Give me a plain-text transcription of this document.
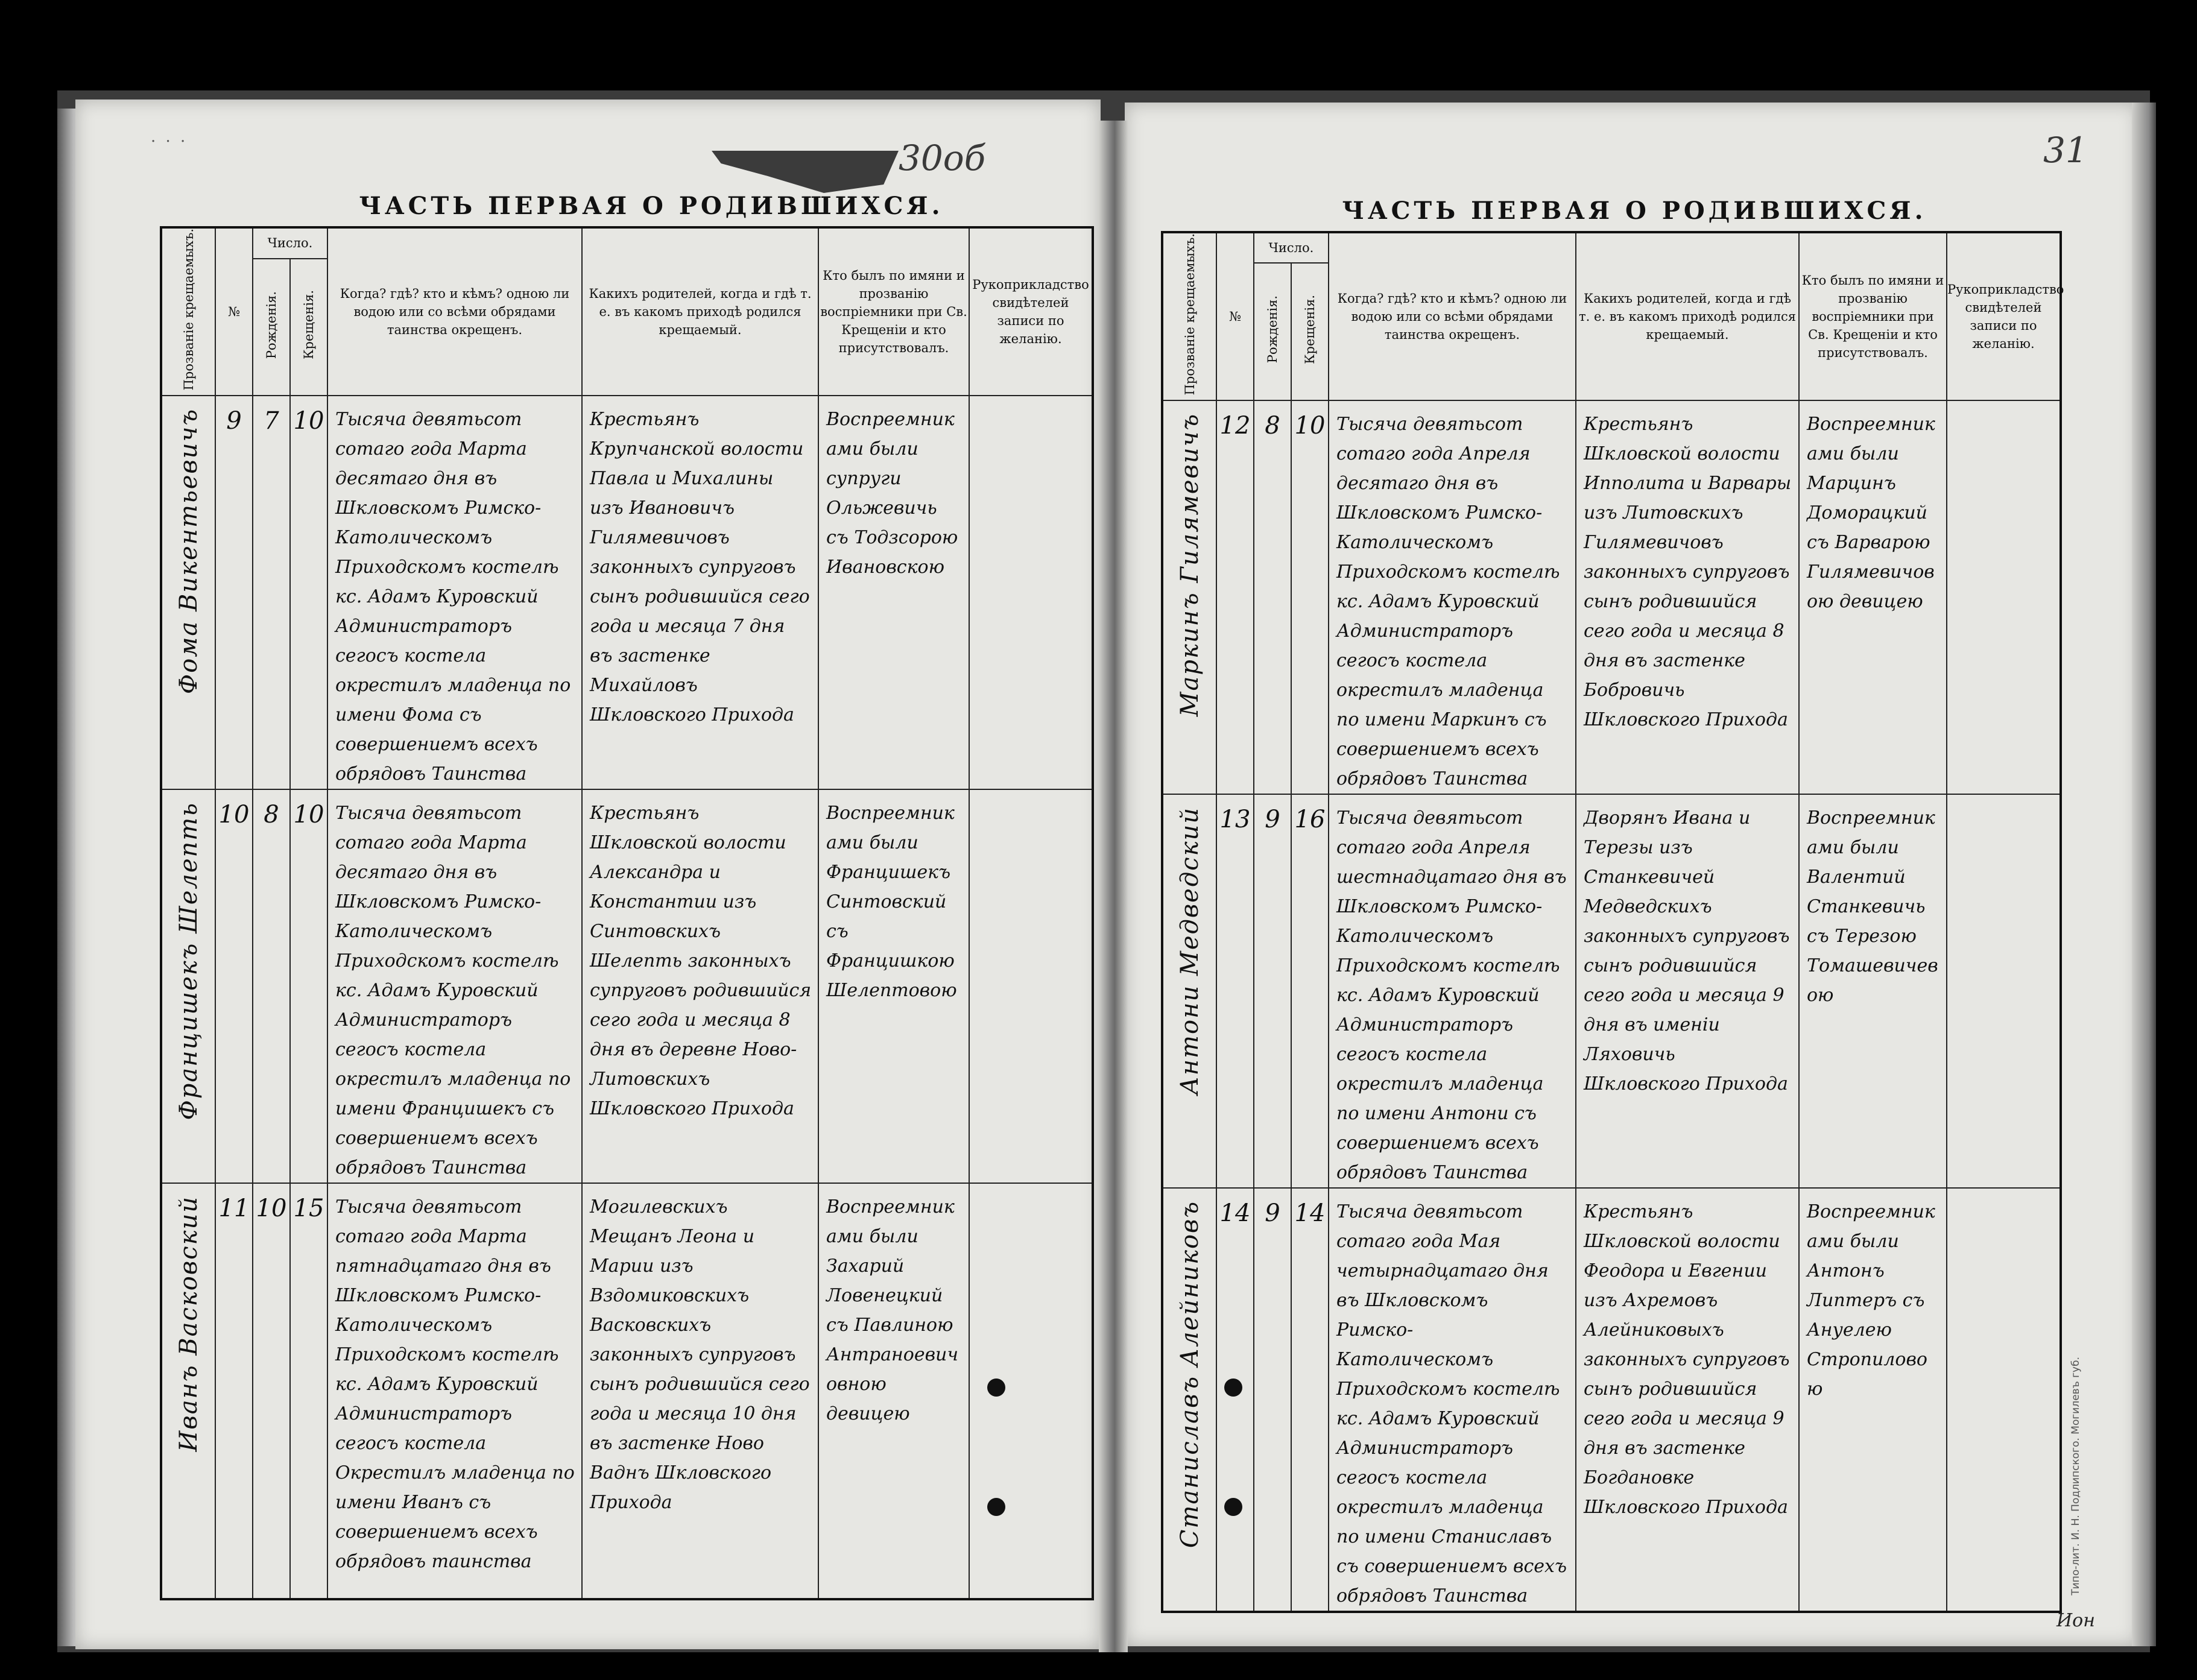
· · ·	30об
ЧАСТЬ ПЕРВАЯ О РОДИВШИХСЯ.
Прозваніе крещаемыхъ.	№	Число.		Когда? гдѣ? кто и кѣмъ? одною ли водою или со всѣми обрядами таинства окрещенъ.	Какихъ родителей, когда и гдѣ т. е. въ какомъ приходѣ родился крещаемый.	Кто былъ по имяни и прозванію воспріемники при Св. Крещеніи и кто присутствовалъ.	Рукоприкладство свидѣтелей записи по желанію.
		Рожденія.	Крещенія.				
Фома Викентьевичъ	9	7	10	Тысяча девятьсот сотаго года Марта десятаго дня въ Шкловскомъ Римско-Католическомъ Приходскомъ костелѣ кс. Адамъ Куровский Администраторъ сегосъ костела окрестилъ младенца по имени Фома съ совершениемъ всехъ обрядовъ Таинства	Крестьянъ Крупчанской волости Павла и Михалины изъ Ивановичъ Гилямевичовъ законныхъ супруговъ сынъ родившийся сего года и месяца 7 дня въ застенке Михайловъ Шкловского Прихода	Воспреемниками были супруги Ольжевичь съ Тодзсорою Ивановскою	
Францишекъ Шелепть	10	8	10	Тысяча девятьсот сотаго года Марта десятаго дня въ Шкловскомъ Римско-Католическомъ Приходскомъ костелѣ кс. Адамъ Куровский Администраторъ сегосъ костела окрестилъ младенца по имени Францишекъ съ совершениемъ всехъ обрядовъ Таинства	Крестьянъ Шкловской волости Александра и Константии изъ Синтовскихъ Шелепть законныхъ супруговъ родившийся сего года и месяца 8 дня въ деревне Ново-Литовскихъ Шкловского Прихода	Воспреемниками были Францишекъ Синтовский съ Францишкою Шелептовою	
Иванъ Васковский	11	10	15	Тысяча девятьсот сотаго года Марта пятнадцатаго дня въ Шкловскомъ Римско-Католическомъ Приходскомъ костелѣ кс. Адамъ Куровский Администраторъ сегосъ костела Окрестилъ младенца по имени Иванъ съ совершениемъ всехъ обрядовъ таинства	Могилевскихъ Мещанъ Леона и Марии изъ Вздомиковскихъ Васковскихъ законныхъ супруговъ сынъ родившийся сего года и месяца 10 дня въ застенке Ново Ваднъ Шкловского Прихода	Воспреемниками были Захарий Ловенецкий съ Павлиною Антраноевичовною девицею	
31
ЧАСТЬ ПЕРВАЯ О РОДИВШИХСЯ.
Прозваніе крещаемыхъ.	№	Число.		Когда? гдѣ? кто и кѣмъ? одною ли водою или со всѣми обрядами таинства окрещенъ.	Какихъ родителей, когда и гдѣ т. е. въ какомъ приходѣ родился крещаемый.	Кто былъ по имяни и прозванію воспріемники при Св. Крещеніи и кто присутствовалъ.	Рукоприкладство свидѣтелей записи по желанію.
		Рожденія.	Крещенія.				
Маркинъ Гилямевичъ	12	8	10	Тысяча девятьсот сотаго года Апреля десятаго дня въ Шкловскомъ Римско-Католическомъ Приходскомъ костелѣ кс. Адамъ Куровский Администраторъ сегосъ костела окрестилъ младенца по имени Маркинъ съ совершениемъ всехъ обрядовъ Таинства	Крестьянъ Шкловской волости Ипполита и Варвары изъ Литовскихъ Гилямевичовъ законныхъ супруговъ сынъ родившийся сего года и месяца 8 дня въ застенке Бобровичь Шкловского Прихода	Воспреемниками были Марцинъ Доморацкий съ Варварою Гилямевичовою девицею	
Антони Медведский	13	9	16	Тысяча девятьсот сотаго года Апреля шестнадцатаго дня въ Шкловскомъ Римско-Католическомъ Приходскомъ костелѣ кс. Адамъ Куровский Администраторъ сегосъ костела окрестилъ младенца по имени Антони съ совершениемъ всехъ обрядовъ Таинства	Дворянъ Ивана и Терезы изъ Станкевичей Медведскихъ законныхъ супруговъ сынъ родившийся сего года и месяца 9 дня въ именіи Ляховичь Шкловского Прихода	Воспреемниками были Валентий Станкевичь съ Терезою Томашевичевою	
Станиславъ Алейниковъ	14	9	14	Тысяча девятьсот сотаго года Мая четырнадцатаго дня въ Шкловскомъ Римско-Католическомъ Приходскомъ костелѣ кс. Адамъ Куровский Администраторъ сегосъ костела окрестилъ младенца по имени Станиславъ съ совершениемъ всехъ обрядовъ Таинства	Крестьянъ Шкловской волости Феодора и Евгении изъ Ахремовъ Алейниковыхъ законныхъ супруговъ сынъ родившийся сего года и месяца 9 дня въ застенке Богдановке Шкловского Прихода	Воспреемниками были Антонъ Липтеръ съ Ануелею Стропиловою		Типо-лит. И. Н. Подлипского. Могилевъ губ.
Ион
